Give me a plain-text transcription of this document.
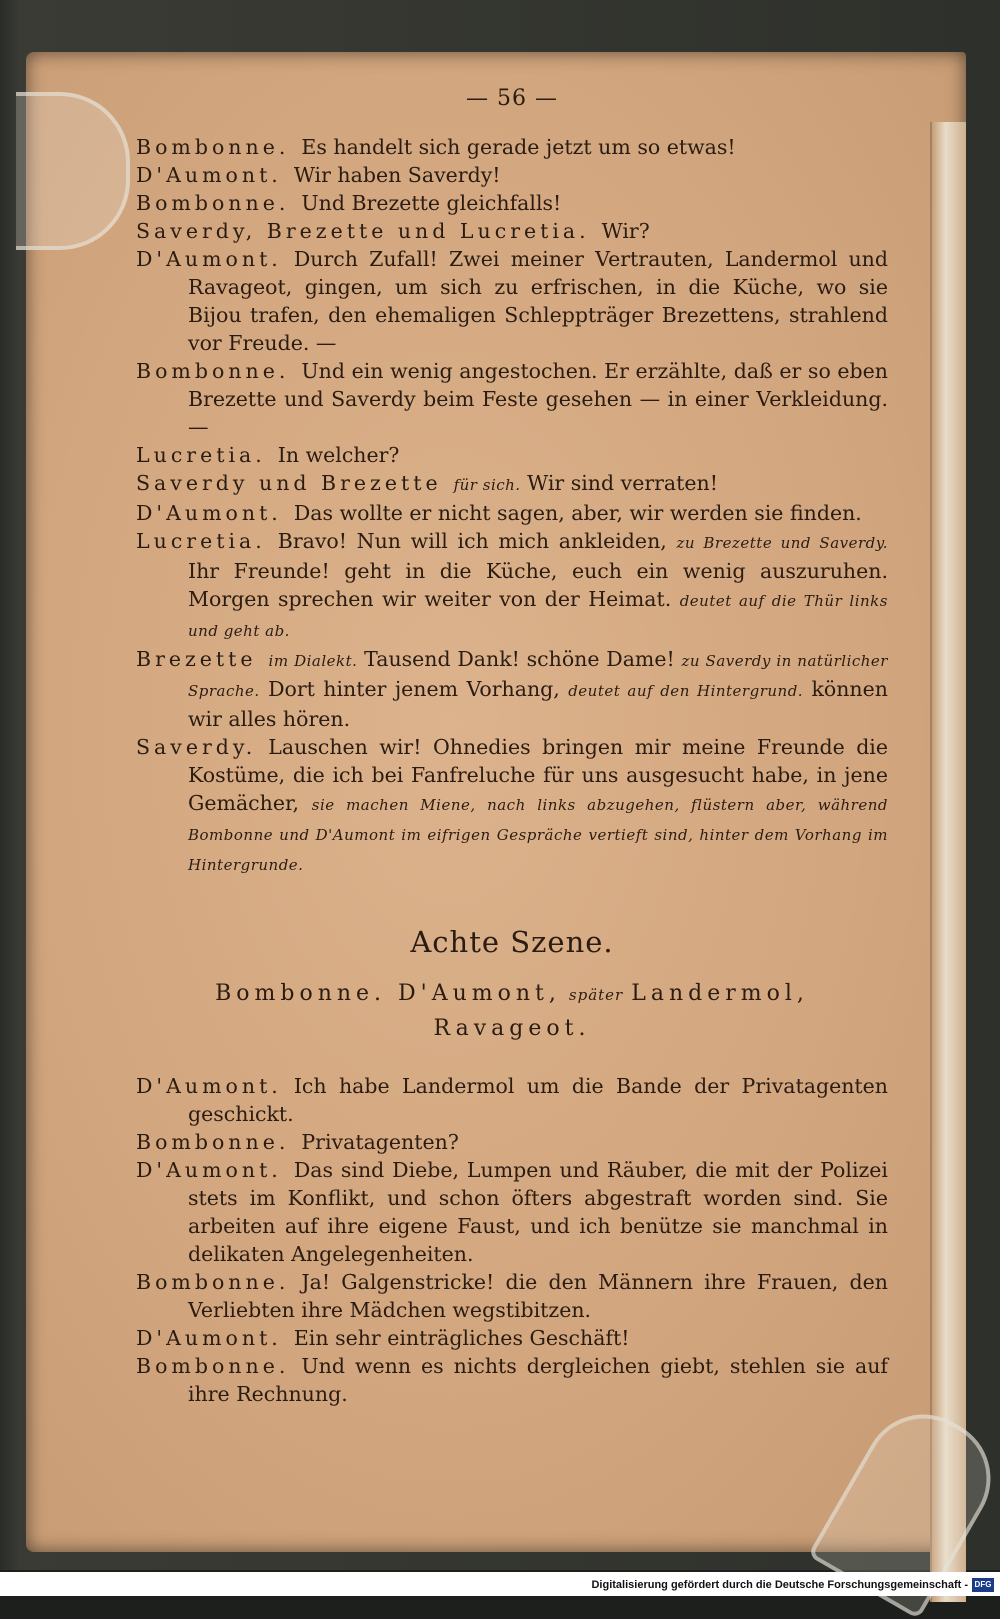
— 56 —

Bombonne. Es handelt sich gerade jetzt um so etwas!

D'Aumont. Wir haben Saverdy!

Bombonne. Und Brezette gleichfalls!

Saverdy, Brezette und Lucretia. Wir?

D'Aumont. Durch Zufall! Zwei meiner Vertrauten, Landermol und Ravageot, gingen, um sich zu erfrischen, in die Küche, wo sie Bijou trafen, den ehemaligen Schleppträger Brezettens, strahlend vor Freude. —

Bombonne. Und ein wenig angestochen. Er erzählte, daß er so eben Brezette und Saverdy beim Feste gesehen — in einer Verkleidung. —

Lucretia. In welcher?

Saverdy und Brezette für sich. Wir sind verraten!

D'Aumont. Das wollte er nicht sagen, aber, wir werden sie finden.

Lucretia. Bravo! Nun will ich mich ankleiden, zu Brezette und Saverdy. Ihr Freunde! geht in die Küche, euch ein wenig auszuruhen. Morgen sprechen wir weiter von der Heimat. deutet auf die Thür links und geht ab.

Brezette im Dialekt. Tausend Dank! schöne Dame! zu Saverdy in natürlicher Sprache. Dort hinter jenem Vorhang, deutet auf den Hintergrund. können wir alles hören.

Saverdy. Lauschen wir! Ohnedies bringen mir meine Freunde die Kostüme, die ich bei Fanfreluche für uns ausgesucht habe, in jene Gemächer, sie machen Miene, nach links abzugehen, flüstern aber, während Bombonne und D'Aumont im eifrigen Gespräche vertieft sind, hinter dem Vorhang im Hintergrunde.

Achte Szene.
Bombonne. D'Aumont, später Landermol,
Ravageot.

D'Aumont. Ich habe Landermol um die Bande der Privatagenten geschickt.

Bombonne. Privatagenten?

D'Aumont. Das sind Diebe, Lumpen und Räuber, die mit der Polizei stets im Konflikt, und schon öfters abgestraft worden sind. Sie arbeiten auf ihre eigene Faust, und ich benütze sie manchmal in delikaten Angelegenheiten.

Bombonne. Ja! Galgenstricke! die den Männern ihre Frauen, den Verliebten ihre Mädchen wegstibitzen.

D'Aumont. Ein sehr einträgliches Geschäft!

Bombonne. Und wenn es nichts dergleichen giebt, stehlen sie auf ihre Rechnung.

Digitalisierung gefördert durch die Deutsche Forschungsgemeinschaft - DFG
